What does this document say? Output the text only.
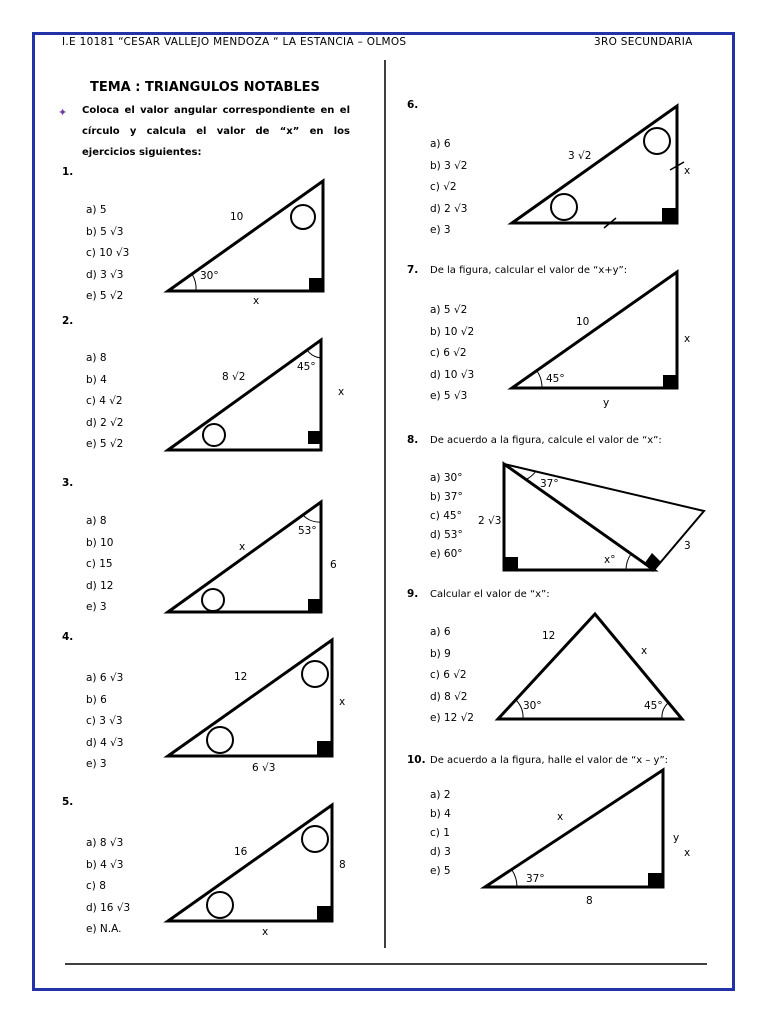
I.E 10181 “CESAR VALLEJO MENDOZA “ LA ESTANCIA – OLMOS	3RO SECUNDARIA
TEMA : TRIANGULOS NOTABLES
✦ Coloca el valor angular correspondiente en el círculo y calcula el valor de “x” en los ejercicios siguientes:
1.
a) 5
b) 5 √3
c) 10 √3
d) 3 √3
e) 5 √2
10
30°
x
2.
a) 8
b) 4
c) 4 √2
d) 2 √2
e) 5 √2
8 √2
45°
x
3.
a) 8
b) 10
c) 15
d) 12
e) 3
x
53°
6
4.
a) 6 √3
b) 6
c) 3 √3
d) 4 √3
e) 3
12
x
6 √3
5.
a) 8 √3
b) 4 √3
c) 8
d) 16 √3
e) N.A.
16
8
x
6.
a) 6
b) 3 √2
c) √2
d) 2 √3
e) 3
3 √2
x
7. De la figura, calcular el valor de “x+y”:
a) 5 √2
b) 10 √2
c) 6 √2
d) 10 √3
e) 5 √3
10
x
45°
y
8. De acuerdo a la figura, calcule el valor de “x”:
a) 30°
b) 37°
c) 45°
d) 53°
e) 60°
37°
2 √3
x°
3
9. Calcular el valor de “x”:
a) 6
b) 9
c) 6 √2
d) 8 √2
e) 12 √2
12
x
30°	45°
10. De acuerdo a la figura, halle el valor de “x – y”:
a) 2
b) 4
c) 1
d) 3
e) 5
x
y
x
37°
8
